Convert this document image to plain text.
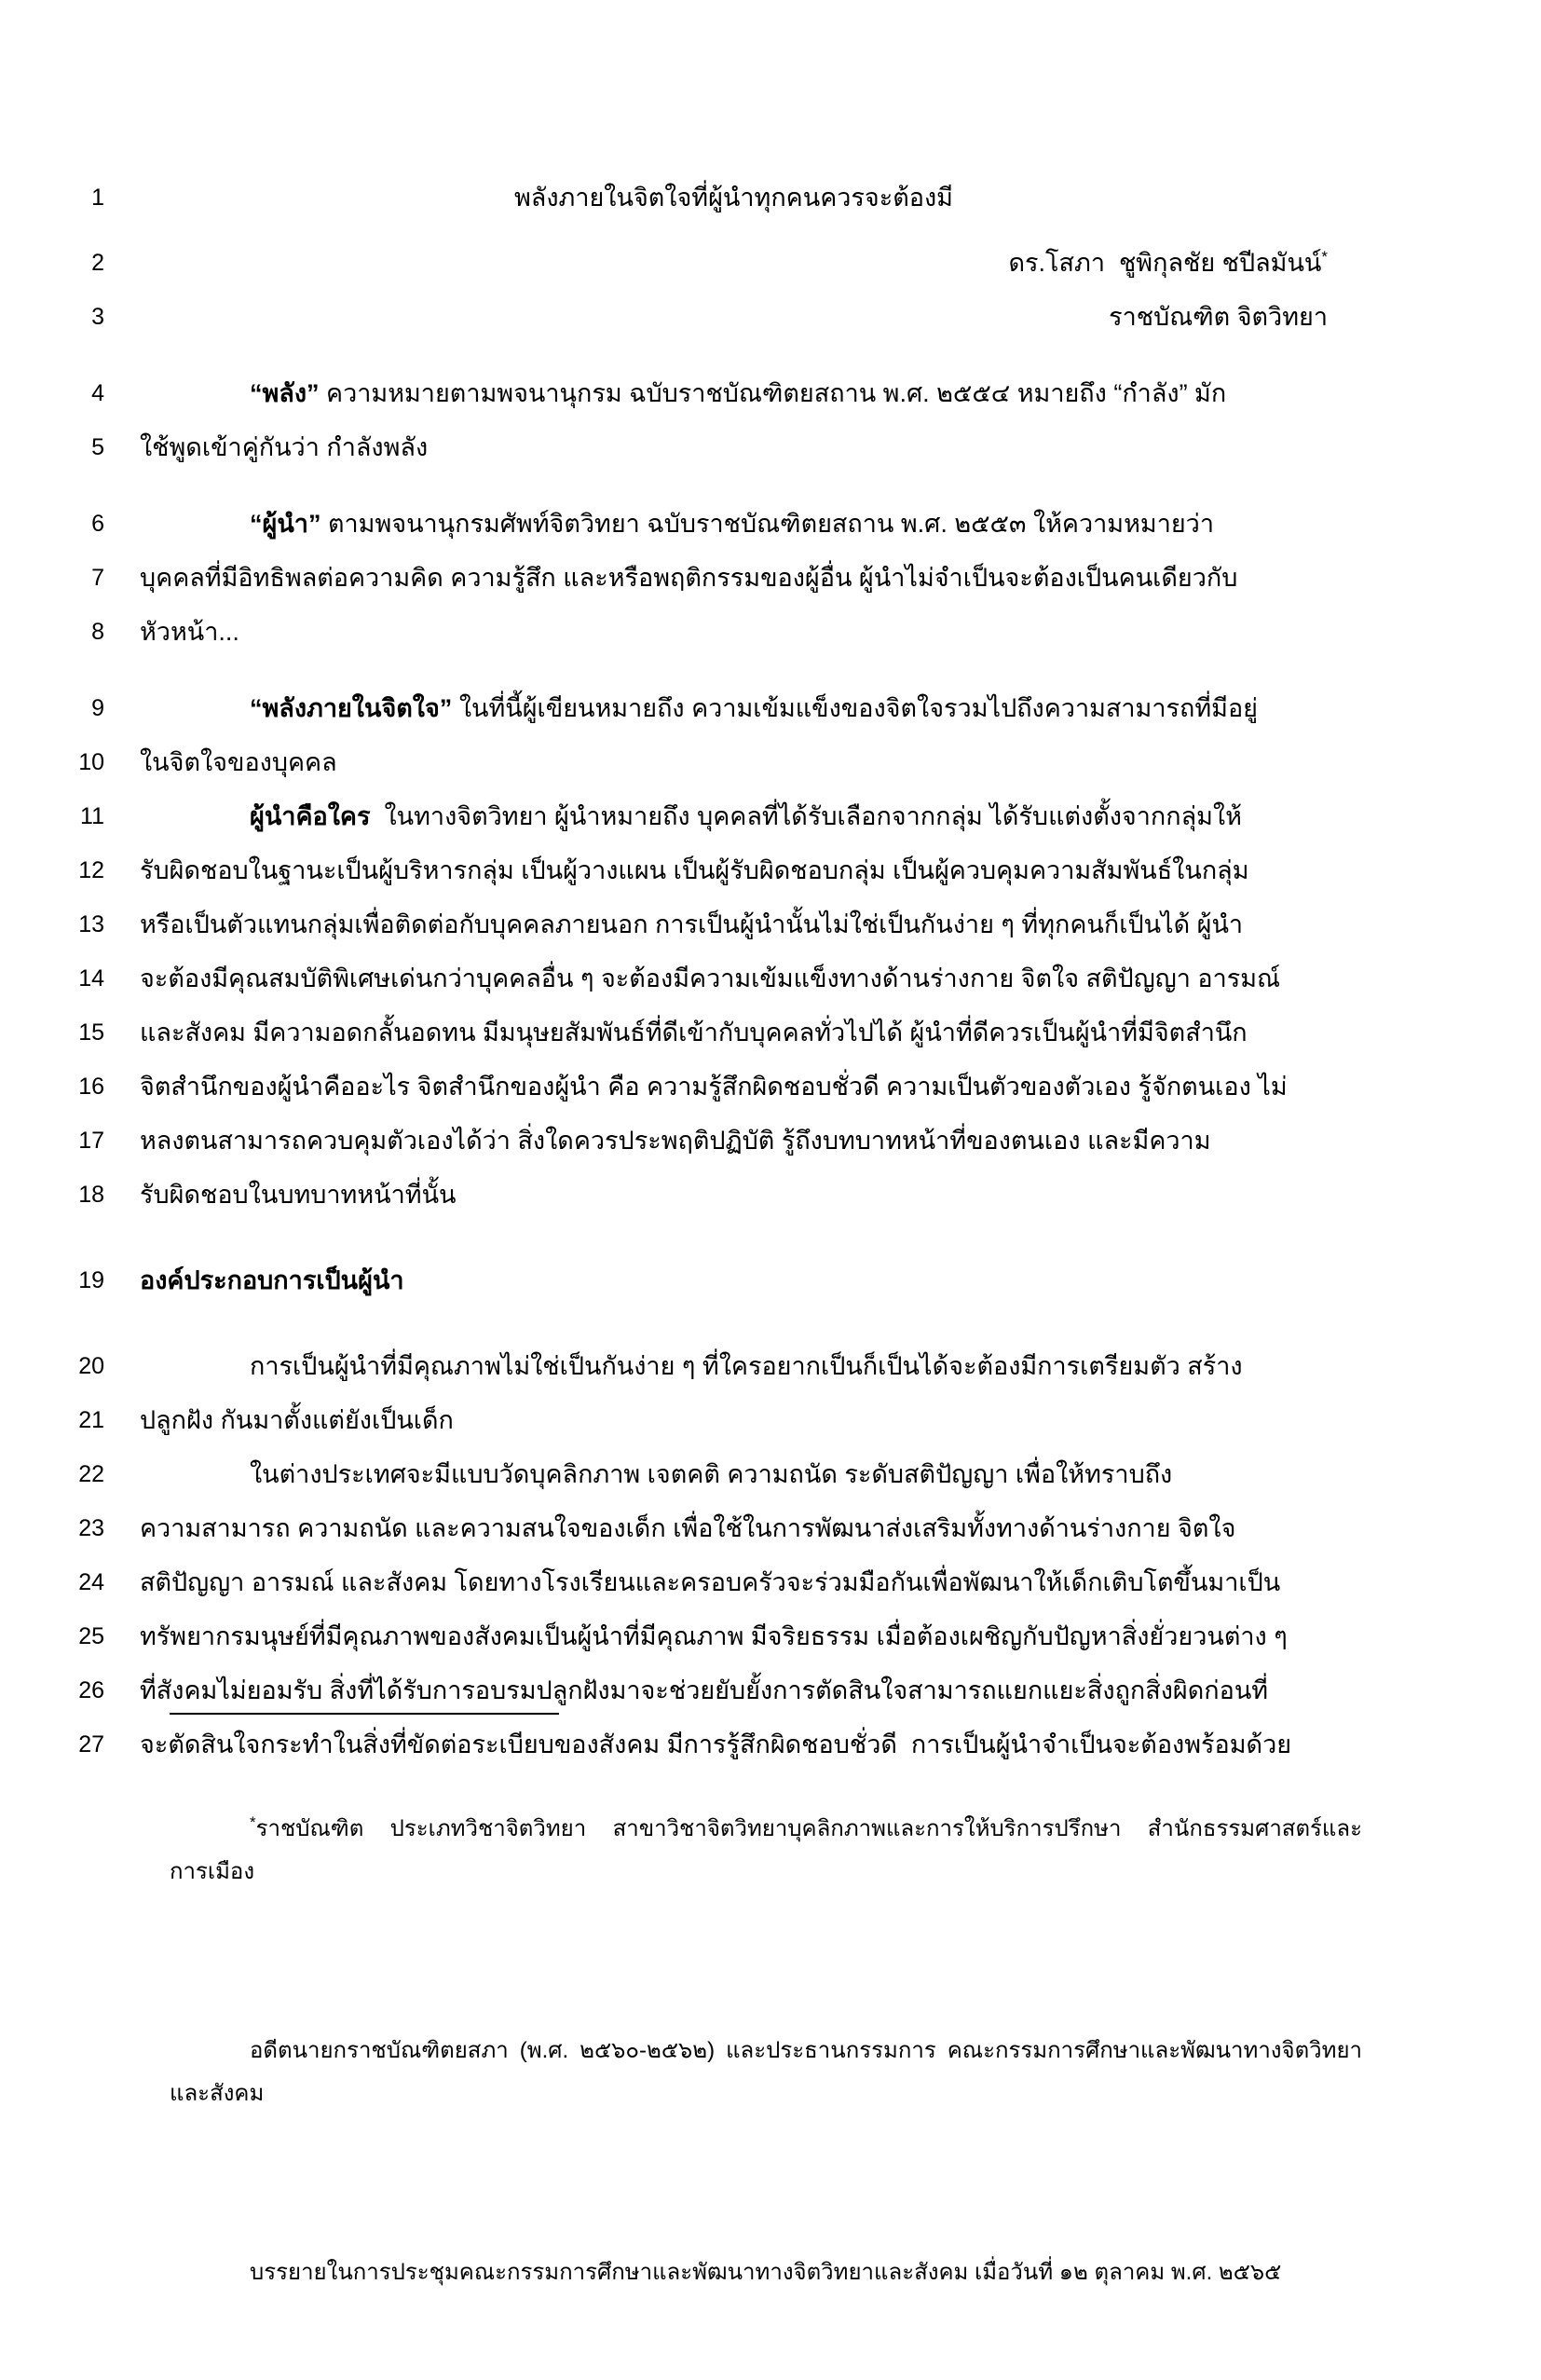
1	พลังภายในจิตใจที่ผู้นำทุกคนควรจะต้องมี
2	ดร.โสภา  ชูพิกุลชัย ชปีลมันน์*
3	ราชบัณฑิต จิตวิทยา
4	“พลัง” ความหมายตามพจนานุกรม ฉบับราชบัณฑิตยสถาน พ.ศ. ๒๕๕๔ หมายถึง “กำลัง” มัก
5	ใช้พูดเข้าคู่กันว่า กำลังพลัง
6	“ผู้นำ” ตามพจนานุกรมศัพท์จิตวิทยา ฉบับราชบัณฑิตยสถาน พ.ศ. ๒๕๕๓ ให้ความหมายว่า
7	บุคคลที่มีอิทธิพลต่อความคิด ความรู้สึก และหรือพฤติกรรมของผู้อื่น ผู้นำไม่จำเป็นจะต้องเป็นคนเดียวกับ
8	หัวหน้า...
9	“พลังภายในจิตใจ” ในที่นี้ผู้เขียนหมายถึง ความเข้มแข็งของจิตใจรวมไปถึงความสามารถที่มีอยู่
10	ในจิตใจของบุคคล
11	ผู้นำคือใคร  ในทางจิตวิทยา ผู้นำหมายถึง บุคคลที่ได้รับเลือกจากกลุ่ม ได้รับแต่งตั้งจากกลุ่มให้
12	รับผิดชอบในฐานะเป็นผู้บริหารกลุ่ม เป็นผู้วางแผน เป็นผู้รับผิดชอบกลุ่ม เป็นผู้ควบคุมความสัมพันธ์ในกลุ่ม
13	หรือเป็นตัวแทนกลุ่มเพื่อติดต่อกับบุคคลภายนอก การเป็นผู้นำนั้นไม่ใช่เป็นกันง่าย ๆ ที่ทุกคนก็เป็นได้ ผู้นำ
14	จะต้องมีคุณสมบัติพิเศษเด่นกว่าบุคคลอื่น ๆ จะต้องมีความเข้มแข็งทางด้านร่างกาย จิตใจ สติปัญญา อารมณ์
15	และสังคม มีความอดกลั้นอดทน มีมนุษยสัมพันธ์ที่ดีเข้ากับบุคคลทั่วไปได้ ผู้นำที่ดีควรเป็นผู้นำที่มีจิตสำนึก
16	จิตสำนึกของผู้นำคืออะไร จิตสำนึกของผู้นำ คือ ความรู้สึกผิดชอบชั่วดี ความเป็นตัวของตัวเอง รู้จักตนเอง ไม่
17	หลงตนสามารถควบคุมตัวเองได้ว่า สิ่งใดควรประพฤติปฏิบัติ รู้ถึงบทบาทหน้าที่ของตนเอง และมีความ
18	รับผิดชอบในบทบาทหน้าที่นั้น
19	องค์ประกอบการเป็นผู้นำ
20	การเป็นผู้นำที่มีคุณภาพไม่ใช่เป็นกันง่าย ๆ ที่ใครอยากเป็นก็เป็นได้จะต้องมีการเตรียมตัว สร้าง
21	ปลูกฝัง กันมาตั้งแต่ยังเป็นเด็ก
22	ในต่างประเทศจะมีแบบวัดบุคลิกภาพ เจตคติ ความถนัด ระดับสติปัญญา เพื่อให้ทราบถึง
23	ความสามารถ ความถนัด และความสนใจของเด็ก เพื่อใช้ในการพัฒนาส่งเสริมทั้งทางด้านร่างกาย จิตใจ
24	สติปัญญา อารมณ์ และสังคม โดยทางโรงเรียนและครอบครัวจะร่วมมือกันเพื่อพัฒนาให้เด็กเติบโตขึ้นมาเป็น
25	ทรัพยากรมนุษย์ที่มีคุณภาพของสังคมเป็นผู้นำที่มีคุณภาพ มีจริยธรรม เมื่อต้องเผชิญกับปัญหาสิ่งยั่วยวนต่าง ๆ
26	ที่สังคมไม่ยอมรับ สิ่งที่ได้รับการอบรมปลูกฝังมาจะช่วยยับยั้งการตัดสินใจสามารถแยกแยะสิ่งถูกสิ่งผิดก่อนที่
27	จะตัดสินใจกระทำในสิ่งที่ขัดต่อระเบียบของสังคม มีการรู้สึกผิดชอบชั่วดี  การเป็นผู้นำจำเป็นจะต้องพร้อมด้วย

*ราชบัณฑิต ประเภทวิชาจิตวิทยา สาขาวิชาจิตวิทยาบุคลิกภาพและการให้บริการปรึกษา สำนักธรรมศาสตร์และการเมือง

อดีตนายกราชบัณฑิตยสภา (พ.ศ. ๒๕๖๐-๒๕๖๒) และประธานกรรมการ คณะกรรมการศึกษาและพัฒนาทางจิตวิทยาและสังคม

บรรยายในการประชุมคณะกรรมการศึกษาและพัฒนาทางจิตวิทยาและสังคม เมื่อวันที่ ๑๒ ตุลาคม พ.ศ. ๒๕๖๕
